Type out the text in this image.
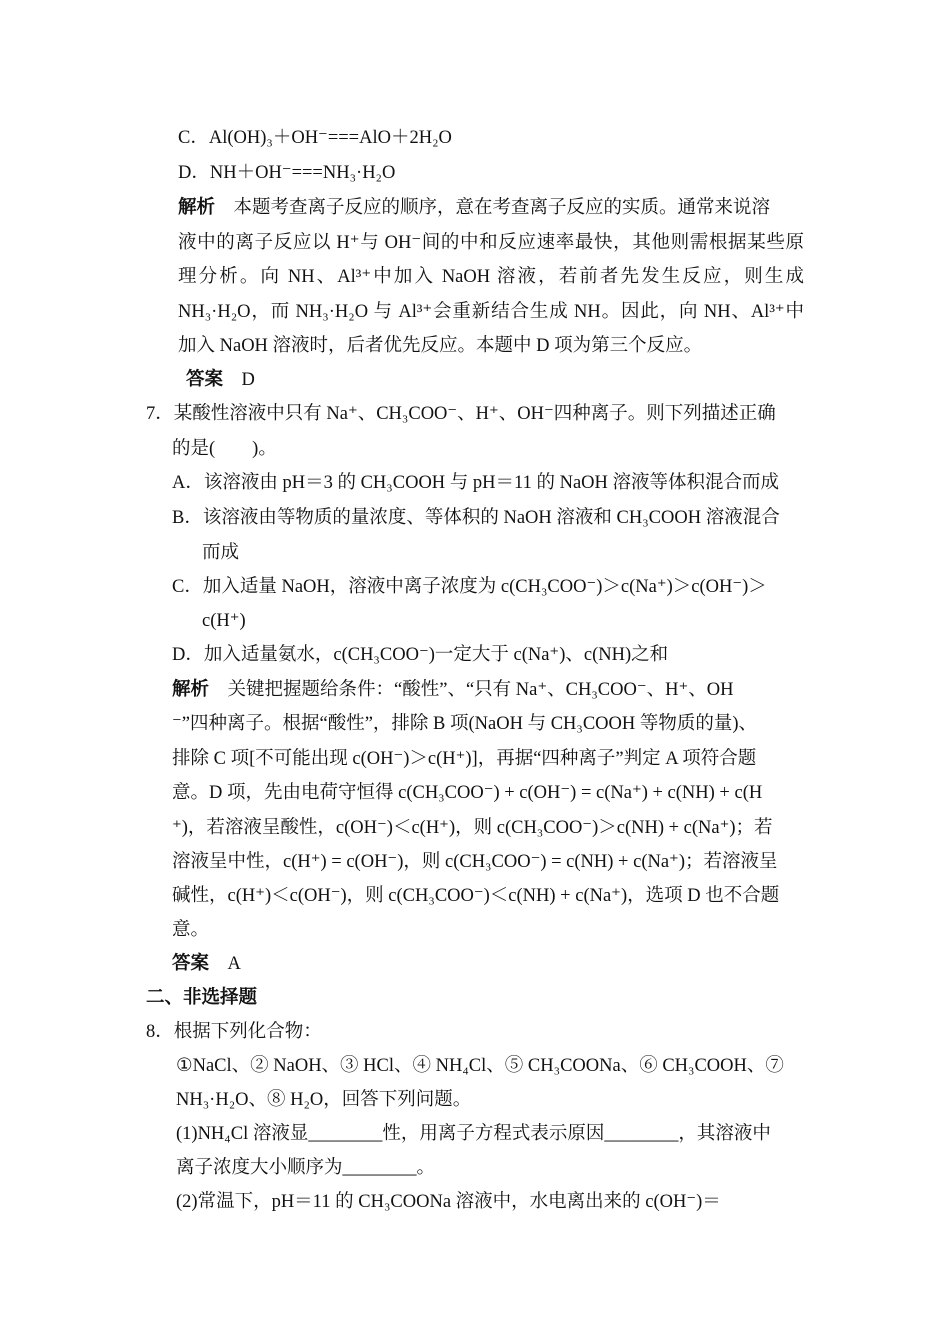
C．Al(OH)₃＋OH⁻===AlO＋2H₂O
D．NH＋OH⁻===NH₃·H₂O
解析　 本题考查离子反应的顺序，意在考查离子反应的实质。通常来说溶
液中的离子反应以 H⁺与 OH⁻间的中和反应速率最快，其他则需根据某些原
理分析。向 NH、Al³⁺中加入 NaOH 溶液，若前者先发生反应，则生成
NH₃·H₂O，而 NH₃·H₂O 与 Al³⁺会重新结合生成 NH。因此，向 NH、Al³⁺中
加入 NaOH 溶液时，后者优先反应。本题中 D 项为第三个反应。
答案　 D
7．某酸性溶液中只有 Na⁺、CH₃COO⁻、H⁺、OH⁻四种离子。则下列描述正确
的是(　　)。
A．该溶液由 pH＝3 的 CH₃COOH 与 pH＝11 的 NaOH 溶液等体积混合而成
B．该溶液由等物质的量浓度、等体积的 NaOH 溶液和 CH₃COOH 溶液混合
而成
C．加入适量 NaOH，溶液中离子浓度为 c(CH₃COO⁻)＞c(Na⁺)＞c(OH⁻)＞
c(H⁺)
D．加入适量氨水，c(CH₃COO⁻)一定大于 c(Na⁺)、c(NH)之和
解析　 关键把握题给条件：“酸性”、“只有 Na⁺、CH₃COO⁻、H⁺、OH
⁻”四种离子。根据“酸性”，排除 B 项(NaOH 与 CH₃COOH 等物质的量)、
排除 C 项[不可能出现 c(OH⁻)＞c(H⁺)]，再据“四种离子”判定 A 项符合题
意。D 项，先由电荷守恒得 c(CH₃COO⁻) + c(OH⁻) = c(Na⁺) + c(NH) + c(H
⁺)，若溶液呈酸性，c(OH⁻)＜c(H⁺)，则 c(CH₃COO⁻)＞c(NH) + c(Na⁺)；若
溶液呈中性，c(H⁺) = c(OH⁻)，则 c(CH₃COO⁻) = c(NH) + c(Na⁺)；若溶液呈
碱性，c(H⁺)＜c(OH⁻)，则 c(CH₃COO⁻)＜c(NH) + c(Na⁺)，选项 D 也不合题
意。
答案　 A
二、非选择题
8．根据下列化合物：
①NaCl、② NaOH、③ HCl、④ NH₄Cl、⑤ CH₃COONa、⑥ CH₃COOH、⑦
NH₃·H₂O、⑧ H₂O，回答下列问题。
(1)NH₄Cl 溶液显________性，用离子方程式表示原因________，其溶液中
离子浓度大小顺序为________。
(2)常温下，pH＝11 的 CH₃COONa 溶液中，水电离出来的 c(OH⁻)＝
